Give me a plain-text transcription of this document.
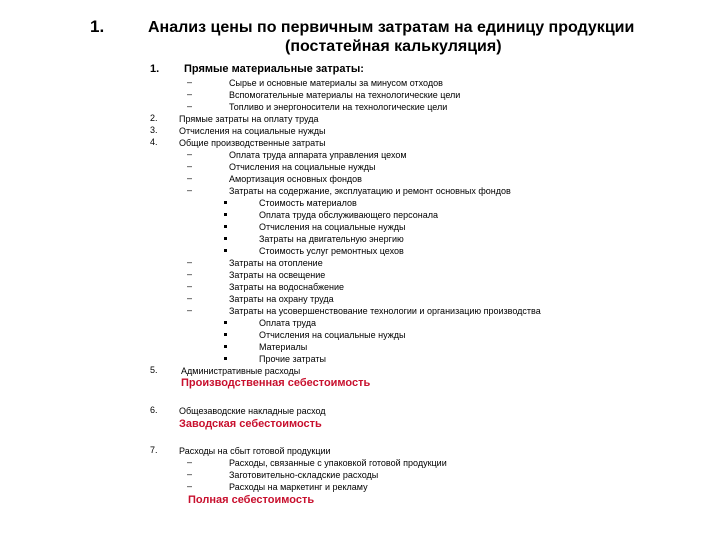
1.	Анализ цены по первичным затратам на единицу продукции
(постатейная калькуляция)
1. Прямые материальные затраты:
–	Сырье и основные материалы за минусом отходов
–	Вспомогательные материалы на технологические цели
–	Топливо и энергоносители на технологические цели
2. Прямые затраты на оплату труда
3. Отчисления на социальные нужды
4. Общие производственные затраты
–	Оплата труда аппарата управления цехом
–	Отчисления на социальные нужды
–	Амортизация основных фондов
–	Затраты на содержание, эксплуатацию и ремонт основных фондов
Стоимость материалов
Оплата труда обслуживающего персонала
Отчисления на социальные нужды
Затраты на двигательную энергию
Стоимость услуг ремонтных цехов
–	Затраты на отопление
–	Затраты на освещение
–	Затраты на водоснабжение
–	Затраты на охрану труда
–	Затраты на усовершенствование технологии и организацию производства
Оплата труда
Отчисления на социальные нужды
Материалы
Прочие затраты
5.	Административные расходы
Производственная себестоимость
6. Общезаводские накладные расход
Заводская себестоимость
7. Расходы на сбыт готовой продукции
–	Расходы, связанные с упаковкой готовой продукции
–	Заготовительно-складские расходы
–	Расходы на маркетинг и рекламу
Полная себестоимость
